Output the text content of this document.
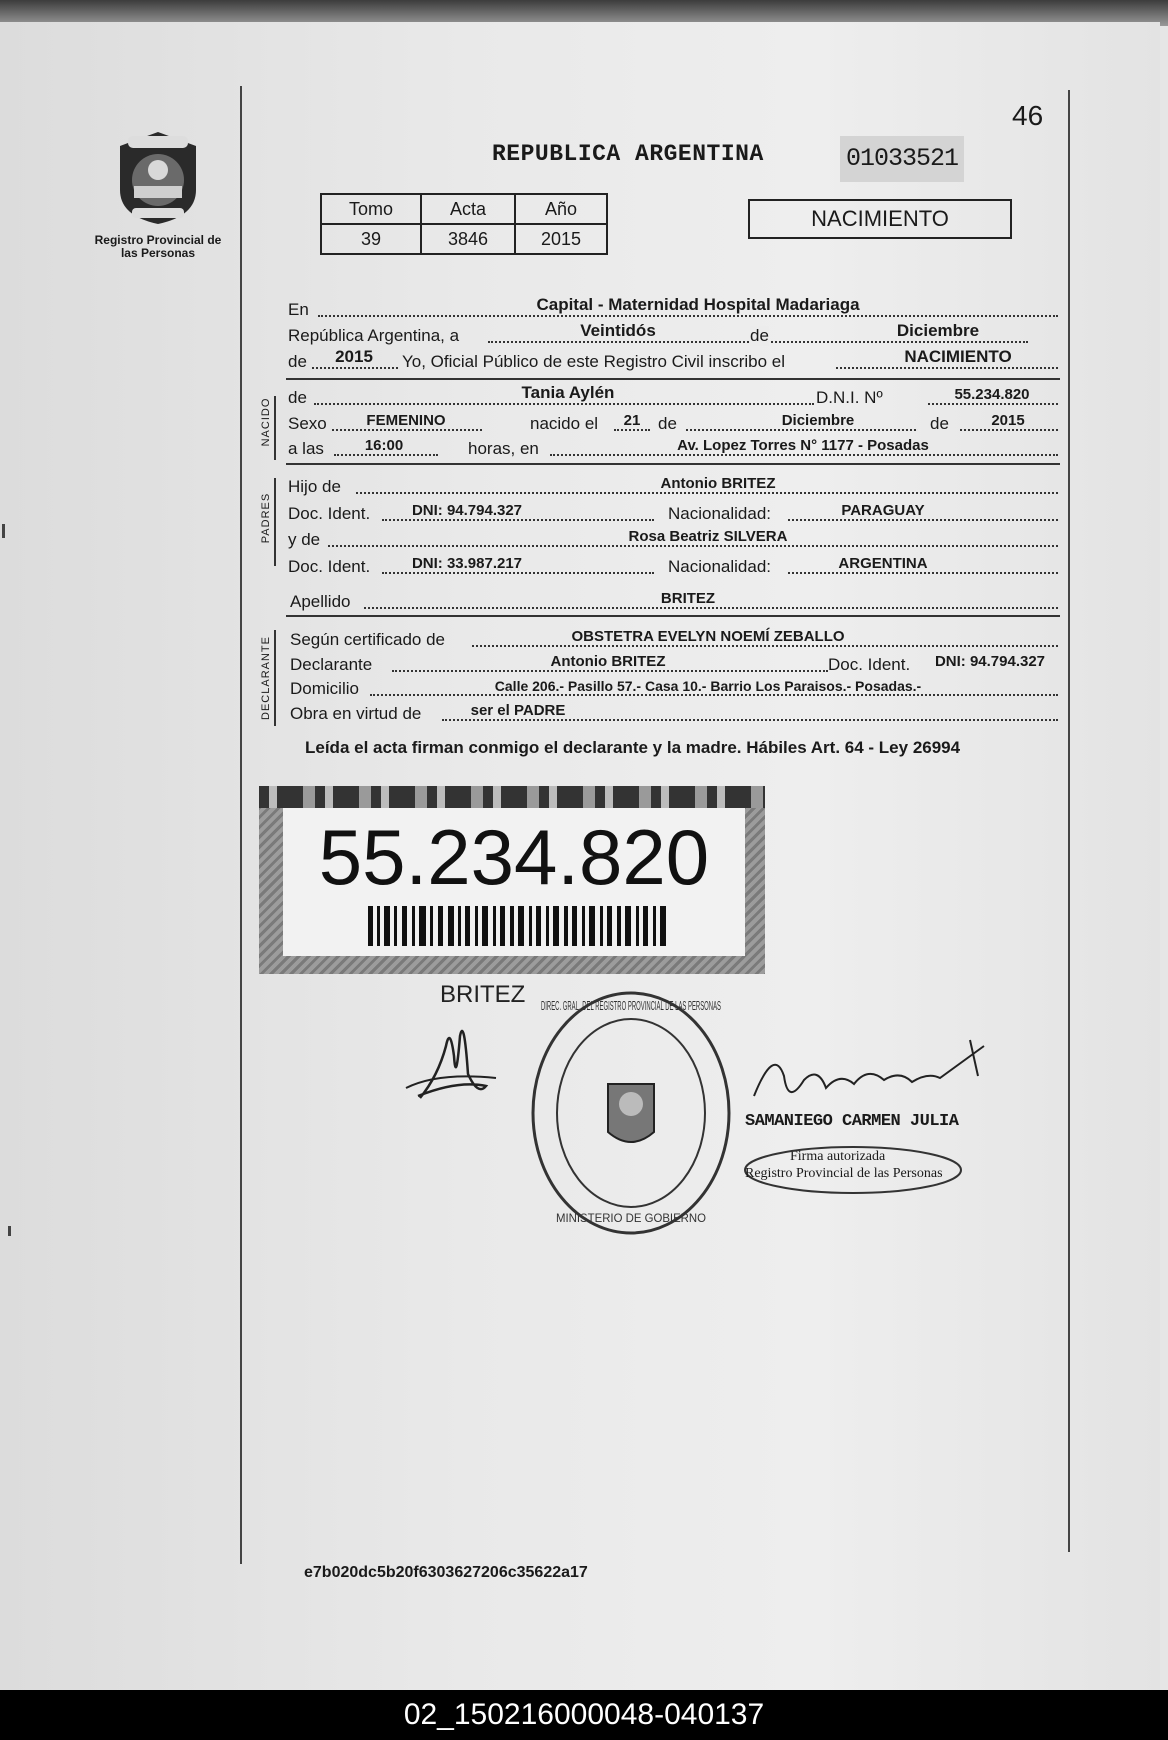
Registro Provincial de las Personas
46
REPUBLICA ARGENTINA	01033521
Tomo	Acta	Año
39	3846	2015
NACIMIENTO
En	Capital - Maternidad Hospital Madariaga
República Argentina, a	Veintidós	de	Diciembre
de	2015	Yo, Oficial Público de este Registro Civil inscribo el	NACIMIENTO
NACIDO
de	Tania Aylén	D.N.I. Nº	55.234.820
Sexo	FEMENINO	nacido el	21	de	Diciembre	de	2015
a las	16:00	horas, en	Av. Lopez Torres N° 1177 - Posadas
PADRES
Hijo de	Antonio BRITEZ
Doc. Ident.	DNI: 94.794.327	Nacionalidad:	PARAGUAY
y de	Rosa Beatriz SILVERA
Doc. Ident.	DNI: 33.987.217	Nacionalidad:	ARGENTINA
Apellido	BRITEZ
DECLARANTE Según certificado de	OBSTETRA EVELYN NOEMÍ ZEBALLO
Declarante	Antonio BRITEZ	Doc. Ident.	DNI: 94.794.327
Domicilio	Calle 206.- Pasillo 57.- Casa 10.- Barrio Los Paraisos.- Posadas.-
Obra en virtud de	ser el PADRE
Leída el acta firman conmigo el declarante y la madre. Hábiles Art. 64 - Ley 26994
55.234.820
BRITEZ DIREC. GRAL. DEL REGISTRO PROVINCIAL DE LAS PERSONAS
MINISTERIO DE GOBIERNO
SAMANIEGO CARMEN JULIA
Firma autorizada
Registro Provincial de las Personas
e7b020dc5b20f6303627206c35622a17
02_150216000048-040137
